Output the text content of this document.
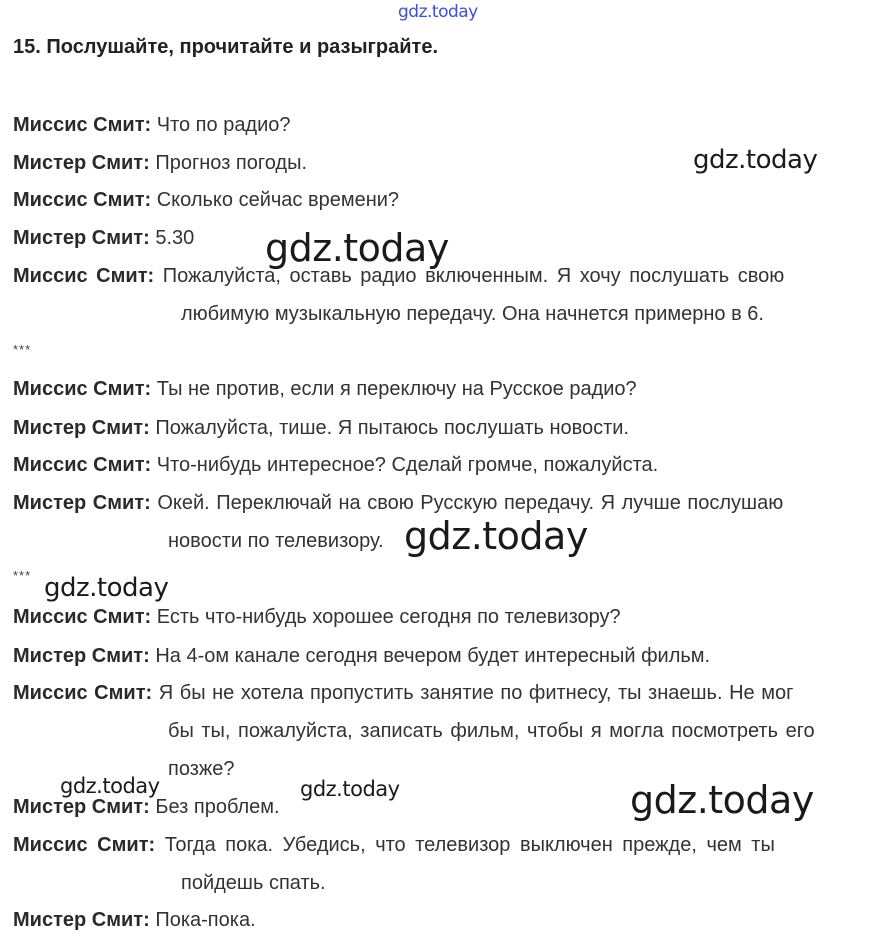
gdz.today
15. Послушайте, прочитайте и разыграйте.
Миссис Смит: Что по радио?
Мистер Смит: Прогноз погоды.
Миссис Смит: Сколько сейчас времени?
Мистер Смит: 5.30
Миссис Смит: Пожалуйста, оставь радио включенным. Я хочу послушать свою
любимую музыкальную передачу. Она начнется примерно в 6.
***
Миссис Смит: Ты не против, если я переключу на Русское радио?
Мистер Смит: Пожалуйста, тише. Я пытаюсь послушать новости.
Миссис Смит: Что-нибудь интересное? Сделай громче, пожалуйста.
Мистер Смит: Окей. Переключай на свою Русскую передачу. Я лучше послушаю
новости по телевизору.
***
Миссис Смит: Есть что-нибудь хорошее сегодня по телевизору?
Мистер Смит: На 4-ом канале сегодня вечером будет интересный фильм.
Миссис Смит: Я бы не хотела пропустить занятие по фитнесу, ты знаешь. Не мог
бы ты, пожалуйста, записать фильм, чтобы я могла посмотреть его
позже?
Мистер Смит: Без проблем.
Миссис Смит: Тогда пока. Убедись, что телевизор выключен прежде, чем ты
пойдешь спать.
Мистер Смит: Пока-пока.
gdz.today
gdz.today
gdz.today
gdz.today
gdz.today	gdz.today	gdz.today
